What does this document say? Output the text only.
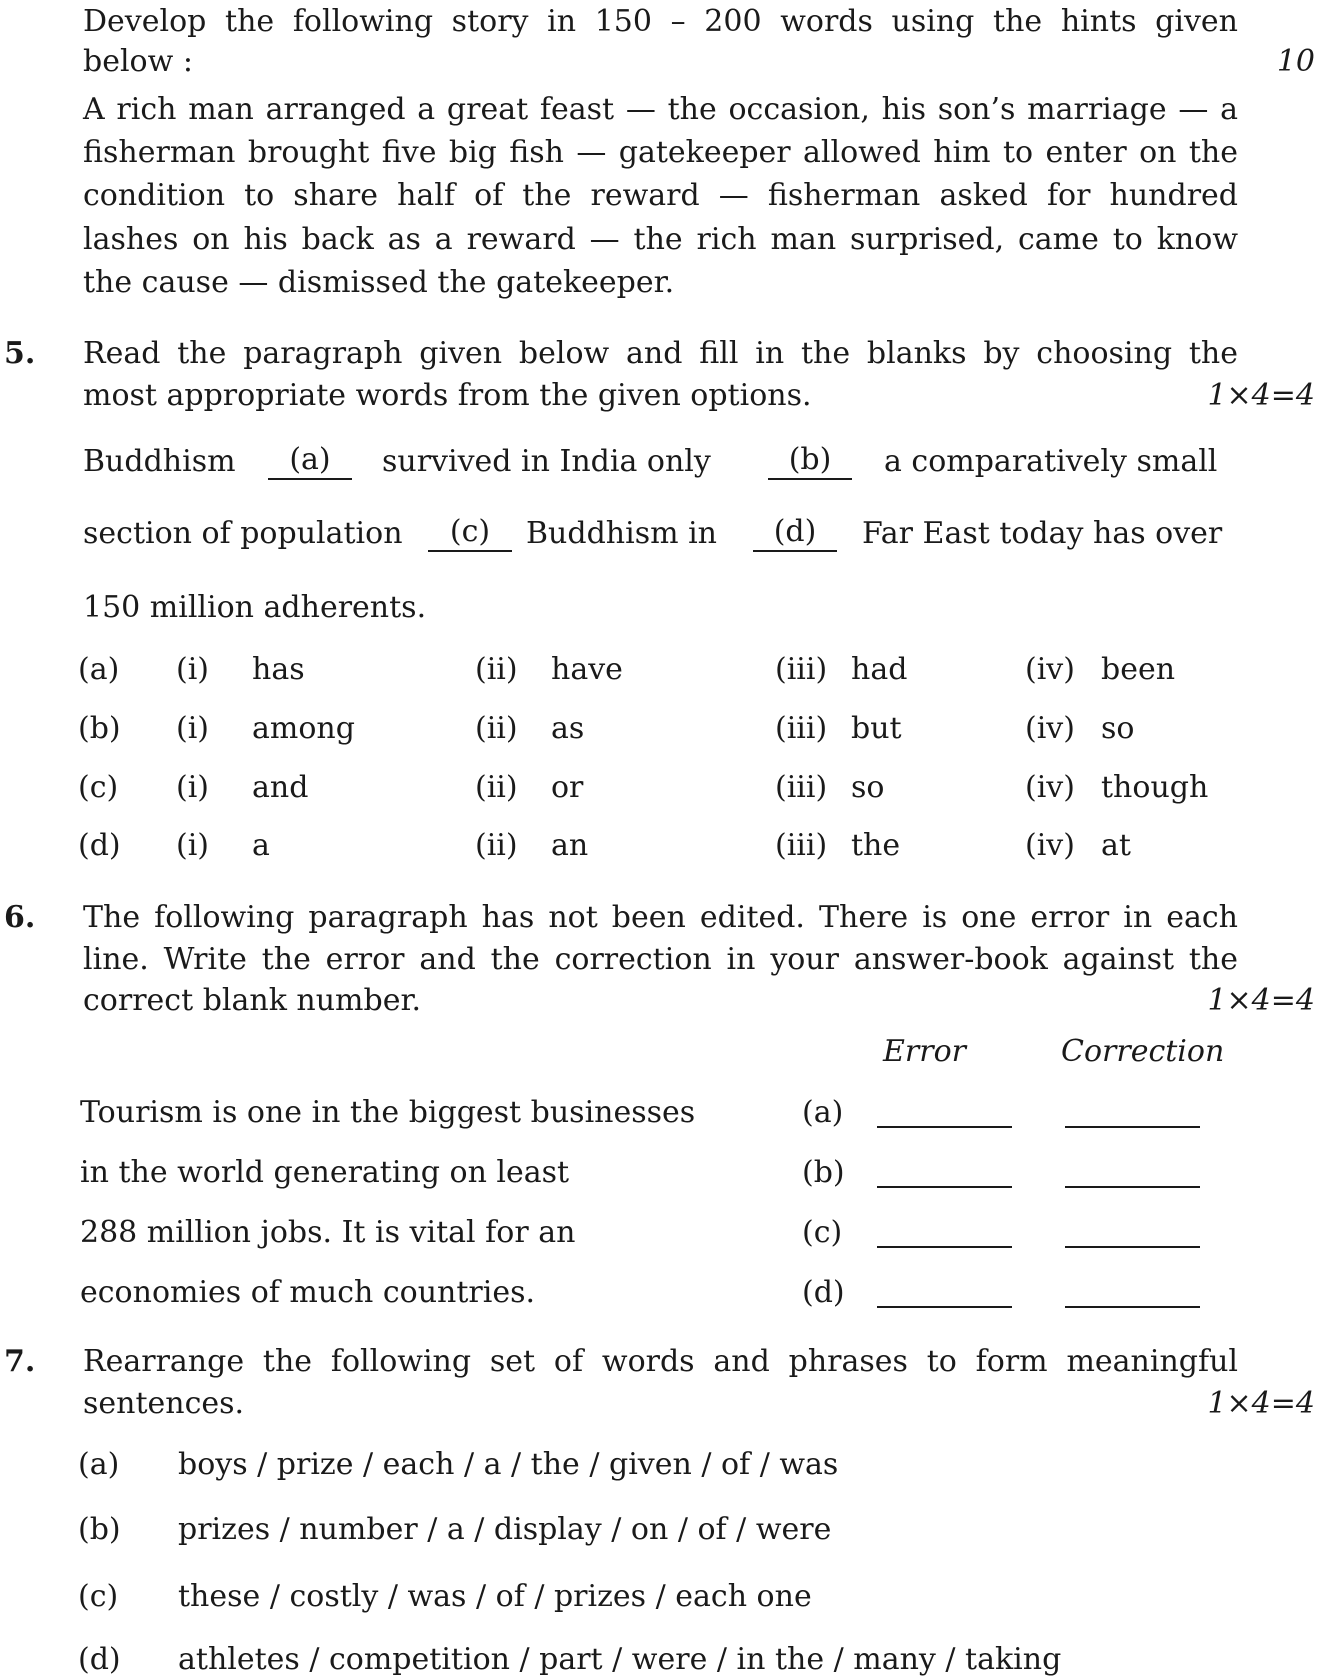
Develop the following story in 150 – 200 words using the hints given
below :	10
A rich man arranged a great feast — the occasion, his son’s marriage — a
fisherman brought five big fish — gatekeeper allowed him to enter on the
condition to share half of the reward — fisherman asked for hundred
lashes on his back as a reward — the rich man surprised, came to know
the cause — dismissed the gatekeeper.
5. Read the paragraph given below and fill in the blanks by choosing the
most appropriate words from the given options.	1×4=4
Buddhism	(a)	survived in India only	(b)	a comparatively small
section of population	(c)	Buddhism in	(d)	Far East today has over
150 million adherents.
(a) (i) has	(ii) have	(iii) had	(iv) been
(b) (i) among	(ii) as	(iii) but	(iv) so
(c) (i) and	(ii) or	(iii) so	(iv) though
(d) (i) a	(ii) an	(iii) the	(iv) at
6. The following paragraph has not been edited. There is one error in each
line. Write the error and the correction in your answer-book against the
correct blank number.	1×4=4
Error	Correction
Tourism is one in the biggest businesses	(a)
in the world generating on least	(b)
288 million jobs. It is vital for an	(c)
economies of much countries.	(d)
7. Rearrange the following set of words and phrases to form meaningful
sentences.	1×4=4
(a) boys / prize / each / a / the / given / of / was
(b) prizes / number / a / display / on / of / were
(c) these / costly / was / of / prizes / each one
(d) athletes / competition / part / were / in the / many / taking
